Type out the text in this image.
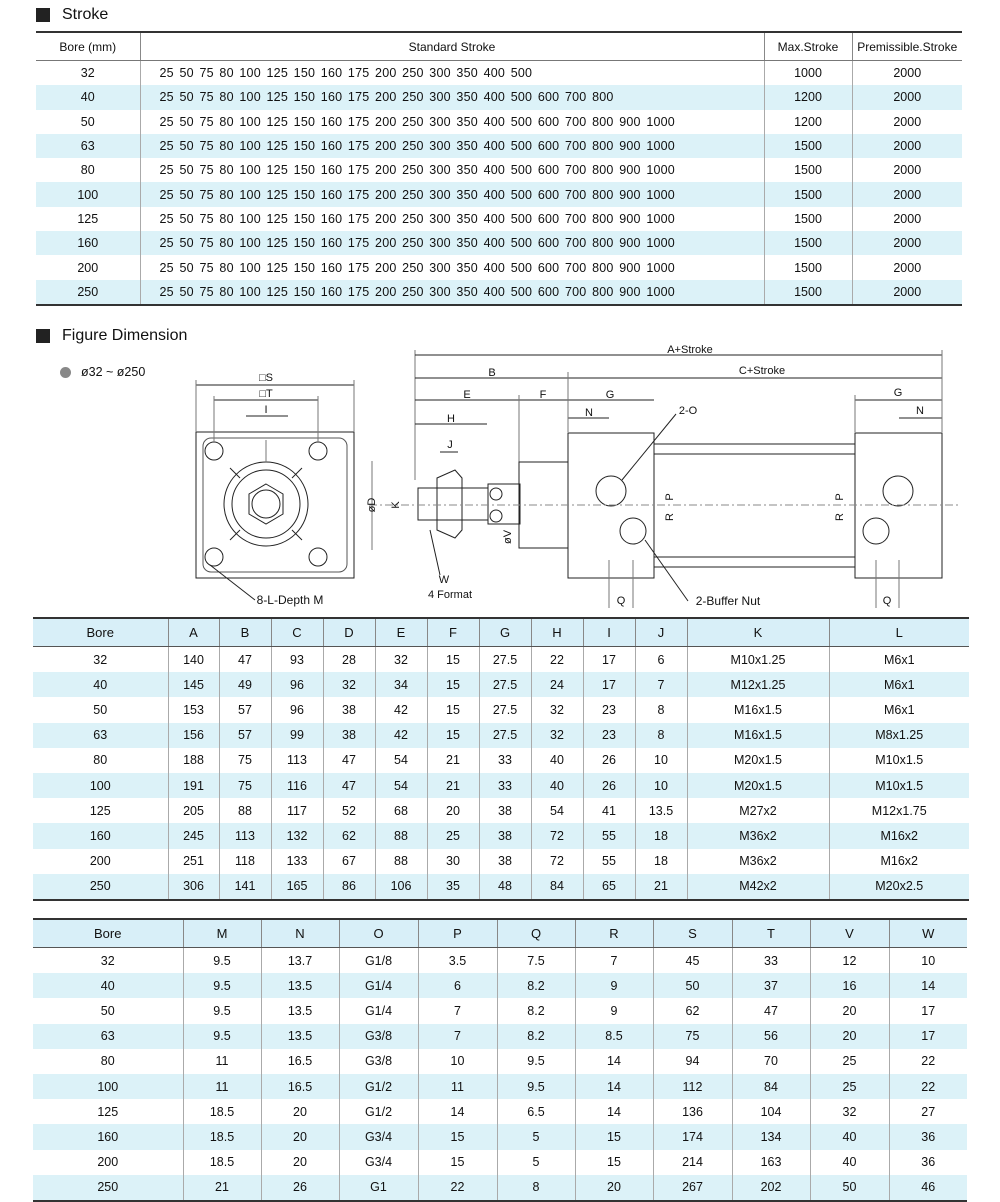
Stroke
Bore (mm)	Standard Stroke	Max.Stroke	Premissible.Stroke
32	25 50 75 80 100 125 150 160 175 200 250 300 350 400 500	1000	2000
40	25 50 75 80 100 125 150 160 175 200 250 300 350 400 500 600 700 800	1200	2000
50	25 50 75 80 100 125 150 160 175 200 250 300 350 400 500 600 700 800 900 1000	1200	2000
63	25 50 75 80 100 125 150 160 175 200 250 300 350 400 500 600 700 800 900 1000	1500	2000
80	25 50 75 80 100 125 150 160 175 200 250 300 350 400 500 600 700 800 900 1000	1500	2000
100	25 50 75 80 100 125 150 160 175 200 250 300 350 400 500 600 700 800 900 1000	1500	2000
125	25 50 75 80 100 125 150 160 175 200 250 300 350 400 500 600 700 800 900 1000	1500	2000
160	25 50 75 80 100 125 150 160 175 200 250 300 350 400 500 600 700 800 900 1000	1500	2000
200	25 50 75 80 100 125 150 160 175 200 250 300 350 400 500 600 700 800 900 1000	1500	2000
250	25 50 75 80 100 125 150 160 175 200 250 300 350 400 500 600 700 800 900 1000	1500	2000
Figure Dimension
ø32 ~ ø250	□S
□T
I
8-L-Depth M
A+Stroke
B	C+Stroke
E	F	G	G
N	N
H
J
2-O
øD K
øV
P
R
P
R
Q	Q
W
4 Format	2-Buffer Nut
Bore	A	B	C	D	E	F	G	H	I	J	K	L
32	140	47	93	28	32	15	27.5	22	17	6	M10x1.25	M6x1
40	145	49	96	32	34	15	27.5	24	17	7	M12x1.25	M6x1
50	153	57	96	38	42	15	27.5	32	23	8	M16x1.5	M6x1
63	156	57	99	38	42	15	27.5	32	23	8	M16x1.5	M8x1.25
80	188	75	113	47	54	21	33	40	26	10	M20x1.5	M10x1.5
100	191	75	116	47	54	21	33	40	26	10	M20x1.5	M10x1.5
125	205	88	117	52	68	20	38	54	41	13.5	M27x2	M12x1.75
160	245	113	132	62	88	25	38	72	55	18	M36x2	M16x2
200	251	118	133	67	88	30	38	72	55	18	M36x2	M16x2
250	306	141	165	86	106	35	48	84	65	21	M42x2	M20x2.5
Bore	M	N	O	P	Q	R	S	T	V	W
32	9.5	13.7	G1/8	3.5	7.5	7	45	33	12	10
40	9.5	13.5	G1/4	6	8.2	9	50	37	16	14
50	9.5	13.5	G1/4	7	8.2	9	62	47	20	17
63	9.5	13.5	G3/8	7	8.2	8.5	75	56	20	17
80	11	16.5	G3/8	10	9.5	14	94	70	25	22
100	11	16.5	G1/2	11	9.5	14	112	84	25	22
125	18.5	20	G1/2	14	6.5	14	136	104	32	27
160	18.5	20	G3/4	15	5	15	174	134	40	36
200	18.5	20	G3/4	15	5	15	214	163	40	36
250	21	26	G1	22	8	20	267	202	50	46
